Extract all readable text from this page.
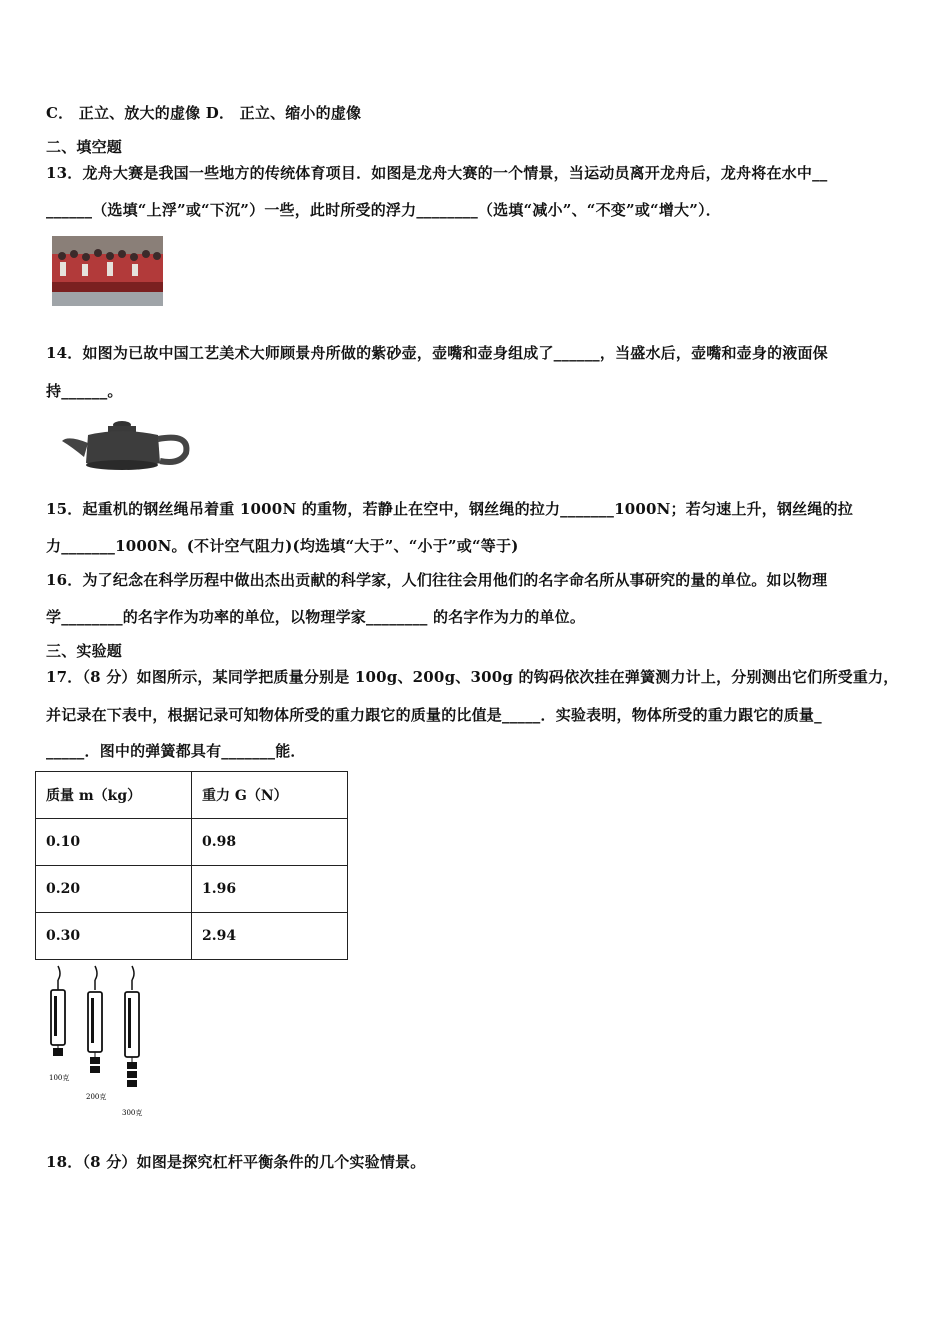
C． 正立、放大的虚像 D． 正立、缩小的虚像
二、填空题
13．龙舟大赛是我国一些地方的传统体育项目．如图是龙舟大赛的一个情景，当运动员离开龙舟后，龙舟将在水中__
______（选填“上浮”或“下沉”）一些，此时所受的浮力________（选填“减小”、“不变”或“增大”）．
14．如图为已故中国工艺美术大师顾景舟所做的紫砂壶，壶嘴和壶身组成了______，当盛水后，壶嘴和壶身的液面保
持______。
15．起重机的钢丝绳吊着重 1000N 的重物，若静止在空中，钢丝绳的拉力_______1000N；若匀速上升，钢丝绳的拉
力_______1000N。(不计空气阻力)(均选填“大于”、“小于”或“等于)
16．为了纪念在科学历程中做出杰出贡献的科学家，人们往往会用他们的名字命名所从事研究的量的单位。如以物理
学________的名字作为功率的单位，以物理学家________ 的名字作为力的单位。
三、实验题
17．（8 分）如图所示，某同学把质量分别是 100g、200g、300g 的钩码依次挂在弹簧测力计上，分别测出它们所受重力，
并记录在下表中，根据记录可知物体所受的重力跟它的质量的比值是_____．实验表明，物体所受的重力跟它的质量_
_____．图中的弹簧都具有_______能．
质量 m（kg）	重力 G（N）
0.10	0.98
0.20	1.96
0.30	2.94
100克
200克
300克
18．（8 分）如图是探究杠杆平衡条件的几个实验情景。
